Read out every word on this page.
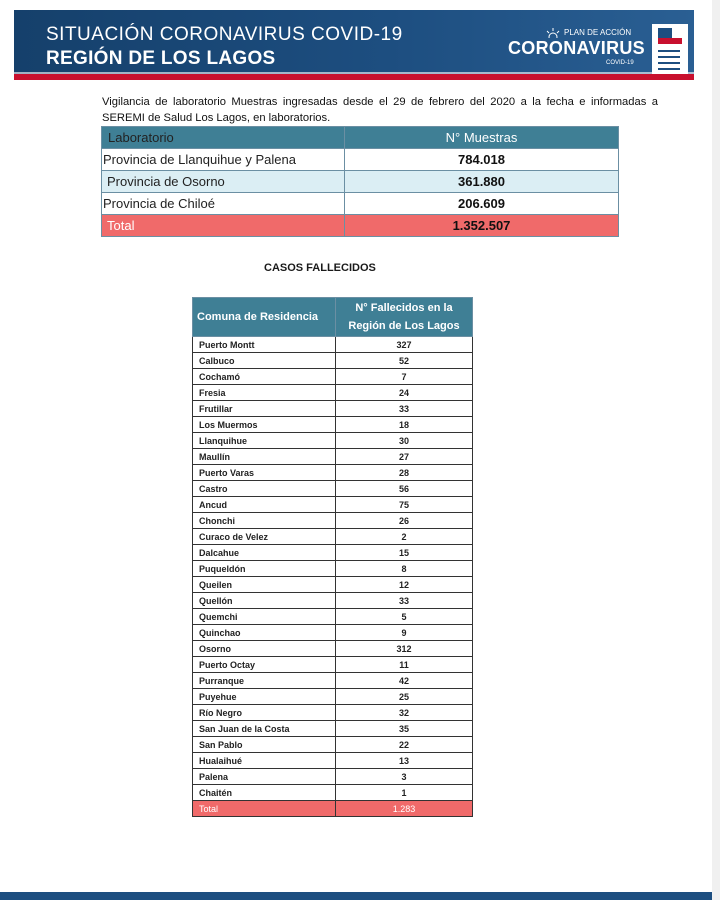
SITUACIÓN CORONAVIRUS COVID-19
REGIÓN DE LOS LAGOS
PLAN DE ACCIÓN
CORONAVIRUS
COVID-19
Vigilancia de laboratorio Muestras ingresadas desde el 29 de febrero del 2020 a la fecha e informadas a SEREMI de Salud Los Lagos, en laboratorios.
Laboratorio	N° Muestras
Provincia de Llanquihue y Palena	784.018
Provincia de Osorno	361.880
Provincia de Chiloé	206.609
Total	1.352.507
CASOS FALLECIDOS
Comuna de Residencia	N° Fallecidos en la Región de Los Lagos
Puerto Montt	327
Calbuco	52
Cochamó	7
Fresia	24
Frutillar	33
Los Muermos	18
Llanquihue	30
Maullín	27
Puerto Varas	28
Castro	56
Ancud	75
Chonchi	26
Curaco de Velez	2
Dalcahue	15
Puqueldón	8
Queilen	12
Quellón	33
Quemchi	5
Quinchao	9
Osorno	312
Puerto Octay	11
Purranque	42
Puyehue	25
Río Negro	32
San Juan de la Costa	35
San Pablo	22
Hualaihué	13
Palena	3
Chaitén	1
Total	1.283
